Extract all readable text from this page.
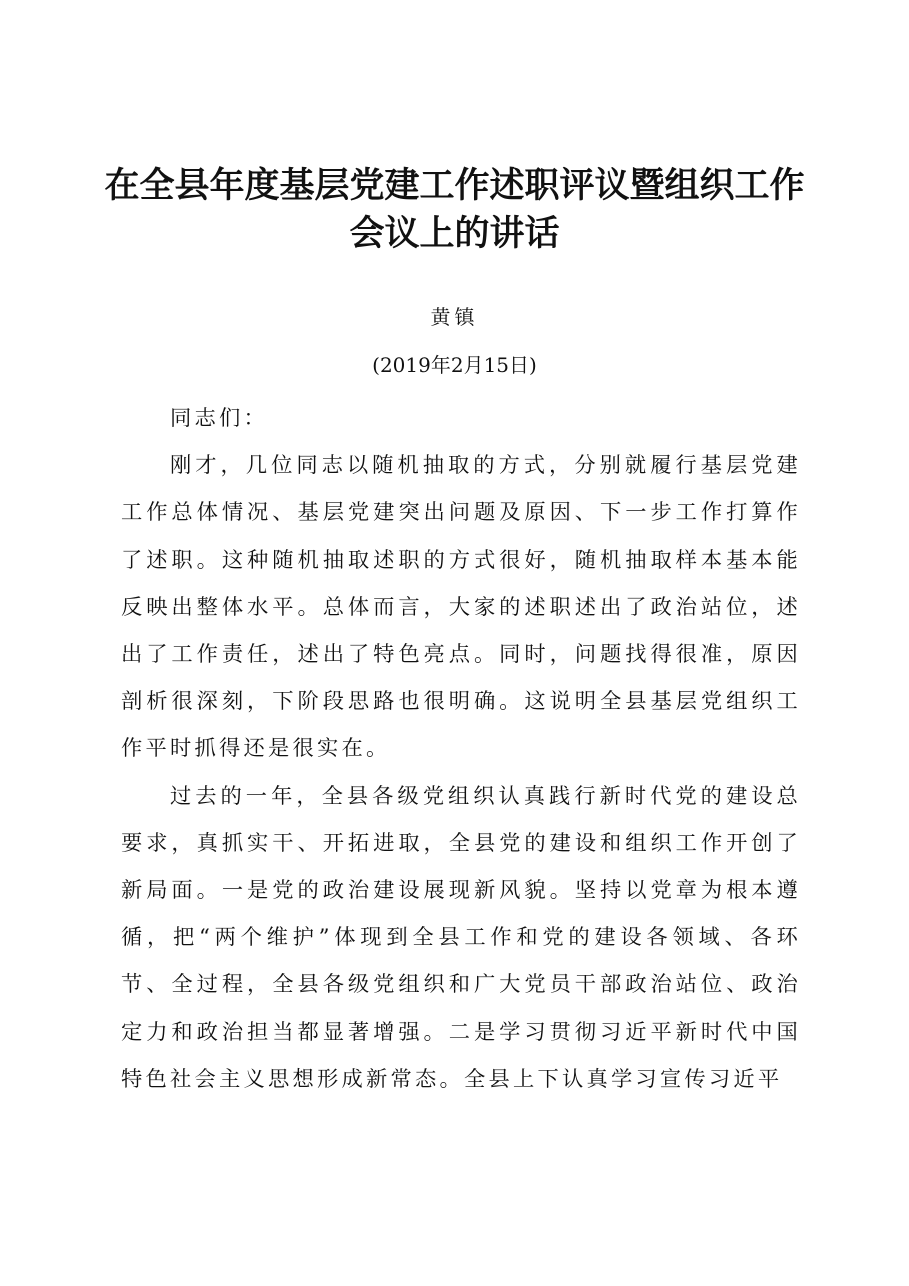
在全县年度基层党建工作述职评议暨组织工作
会议上的讲话
黄镇
(2019年2月15日)

同志们：

刚才，几位同志以随机抽取的方式，分别就履行基层党建工作总体情况、基层党建突出问题及原因、下一步工作打算作了述职。这种随机抽取述职的方式很好，随机抽取样本基本能反映出整体水平。总体而言，大家的述职述出了政治站位，述出了工作责任，述出了特色亮点。同时，问题找得很准，原因剖析很深刻，下阶段思路也很明确。这说明全县基层党组织工作平时抓得还是很实在。

过去的一年，全县各级党组织认真践行新时代党的建设总要求，真抓实干、开拓进取，全县党的建设和组织工作开创了新局面。一是党的政治建设展现新风貌。坚持以党章为根本遵循，把“两个维护”体现到全县工作和党的建设各领域、各环节、全过程，全县各级党组织和广大党员干部政治站位、政治定力和政治担当都显著增强。二是学习贯彻习近平新时代中国特色社会主义思想形成新常态。全县上下认真学习宣传习近平
